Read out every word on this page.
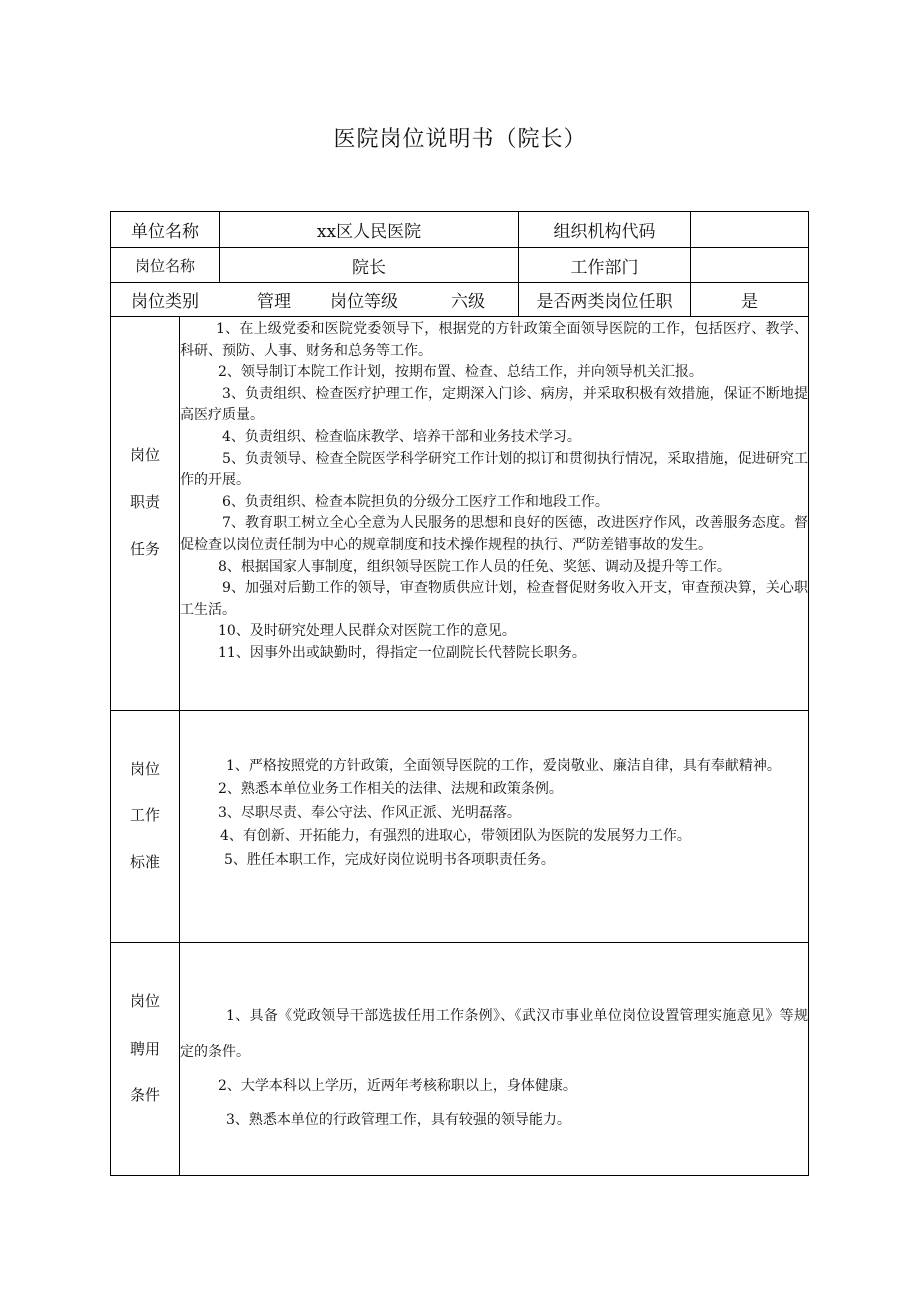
医院岗位说明书（院长）
单位名称	xx区人民医院	组织机构代码
岗位名称	院长	工作部门
岗位类别	管理	岗位等级	六级	是否两类岗位任职	是
岗位
职责
任务

1、在上级党委和医院党委领导下，根据党的方针政策全面领导医院的工作，包括医疗、教学、科研、预防、人事、财务和总务等工作。

2、领导制订本院工作计划，按期布置、检查、总结工作，并向领导机关汇报。

3、负责组织、检查医疗护理工作，定期深入门诊、病房，并采取积极有效措施，保证不断地提高医疗质量。

4、负责组织、检查临床教学、培养干部和业务技术学习。

5、负责领导、检查全院医学科学研究工作计划的拟订和贯彻执行情况，采取措施，促进研究工作的开展。

6、负责组织、检查本院担负的分级分工医疗工作和地段工作。

7、教育职工树立全心全意为人民服务的思想和良好的医德，改进医疗作风，改善服务态度。督促检查以岗位责任制为中心的规章制度和技术操作规程的执行、严防差错事故的发生。

8、根据国家人事制度，组织领导医院工作人员的任免、奖惩、调动及提升等工作。

9、加强对后勤工作的领导，审查物质供应计划，检查督促财务收入开支，审查预决算，关心职工生活。

10、及时研究处理人民群众对医院工作的意见。

11、因事外出或缺勤时，得指定一位副院长代替院长职务。

岗位
工作
标准

1、严格按照党的方针政策，全面领导医院的工作，爱岗敬业、廉洁自律，具有奉献精神。

2、熟悉本单位业务工作相关的法律、法规和政策条例。

3、尽职尽责、奉公守法、作风正派、光明磊落。

4、有创新、开拓能力，有强烈的进取心，带领团队为医院的发展努力工作。

5、胜任本职工作，完成好岗位说明书各项职责任务。

岗位
聘用
条件

1、具备《党政领导干部选拔任用工作条例》、《武汉市事业单位岗位设置管理实施意见》等规定的条件。

2、大学本科以上学历，近两年考核称职以上，身体健康。

3、熟悉本单位的行政管理工作，具有较强的领导能力。
